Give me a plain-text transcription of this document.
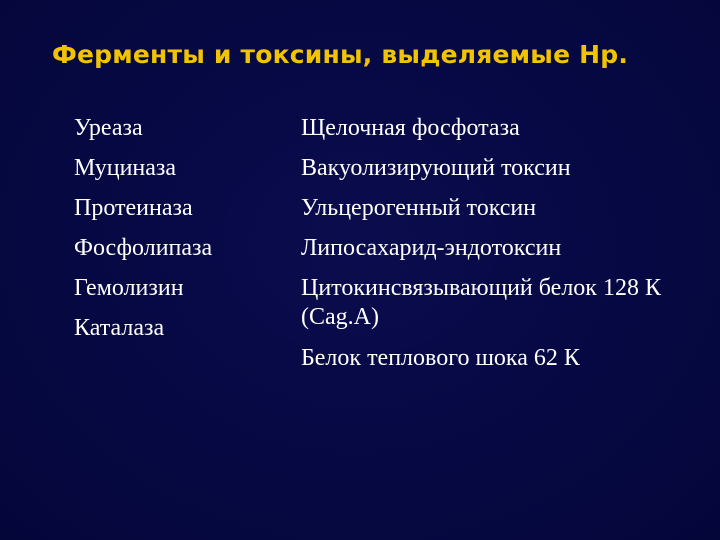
Ферменты и токсины, выделяемые Hp.
Уреаза
Муциназа
Протеиназа
Фосфолипаза
Гемолизин
Каталаза
Щелочная фосфотаза
Вакуолизирующий токсин
Ульцерогенный токсин
Липосахарид-эндотоксин
Цитокинсвязывающий белок 128 К (Cag.A)
Белок теплового шока 62 К
